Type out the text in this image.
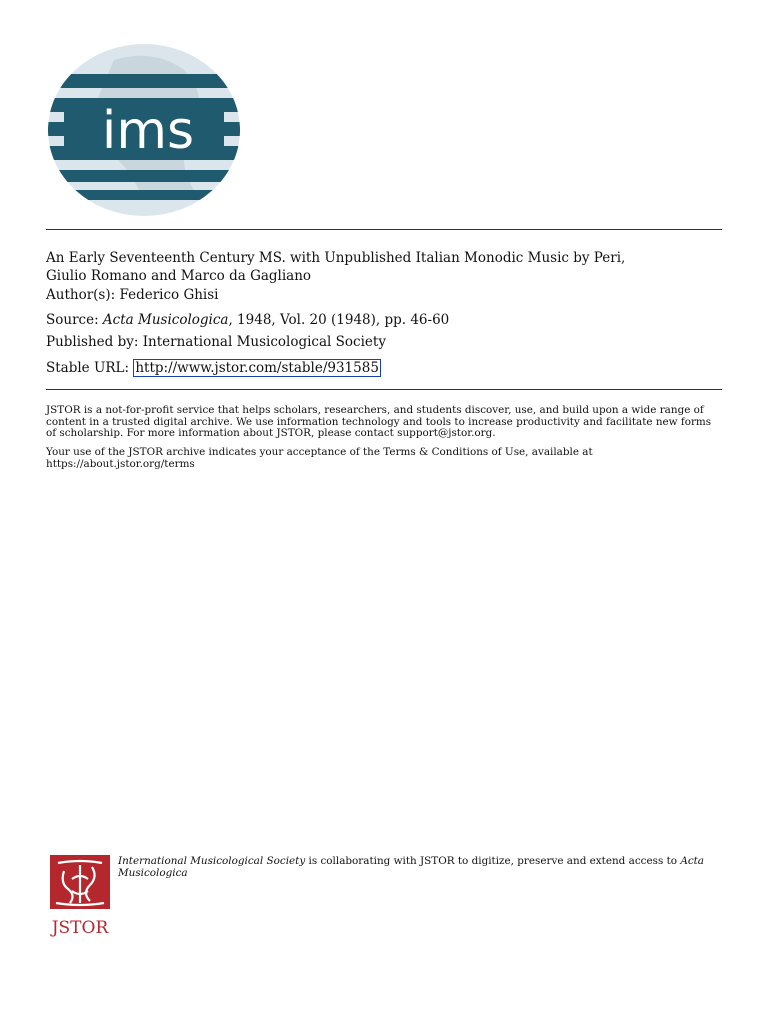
ims

An Early Seventeenth Century MS. with Unpublished Italian Monodic Music by Peri,

Giulio Romano and Marco da Gagliano

Author(s): Federico Ghisi
Source: Acta Musicologica, 1948, Vol. 20 (1948), pp. 46-60
Published by: International Musicological Society
Stable URL: http://www.jstor.com/stable/931585
JSTOR is a not-for-profit service that helps scholars, researchers, and students discover, use, and build upon a wide range of content in a trusted digital archive. We use information technology and tools to increase productivity and facilitate new forms of scholarship. For more information about JSTOR, please contact support@jstor.org.
Your use of the JSTOR archive indicates your acceptance of the Terms & Conditions of Use, available at https://about.jstor.org/terms
JSTOR
International Musicological Society is collaborating with JSTOR to digitize, preserve and extend access to Acta Musicologica
